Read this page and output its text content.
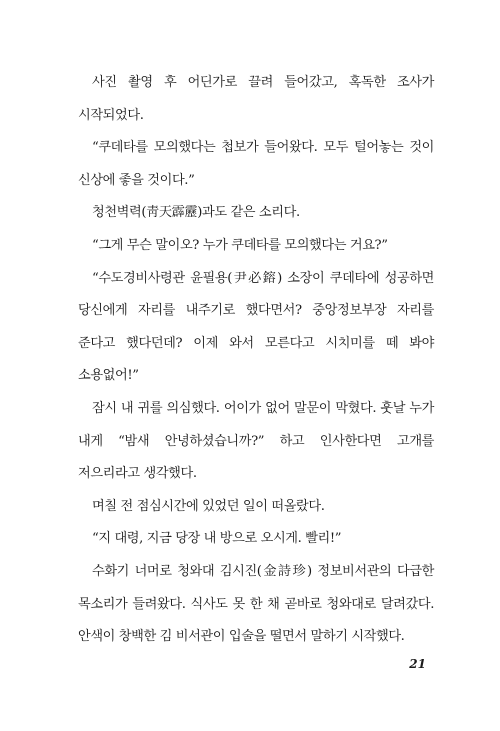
사진 촬영 후 어딘가로 끌려 들어갔고, 혹독한 조사가 시작되었다.

“쿠데타를 모의했다는 첩보가 들어왔다. 모두 털어놓는 것이 신상에 좋을 것이다.”

청천벽력(靑天霹靂)과도 같은 소리다.

“그게 무슨 말이오? 누가 쿠데타를 모의했다는 거요?”

“수도경비사령관 윤필용(尹必鎔) 소장이 쿠데타에 성공하면 당신에게 자리를 내주기로 했다면서? 중앙정보부장 자리를 준다고 했다던데? 이제 와서 모른다고 시치미를 떼 봐야 소용없어!”

잠시 내 귀를 의심했다. 어이가 없어 말문이 막혔다. 훗날 누가 내게 “밤새 안녕하셨습니까?” 하고 인사한다면 고개를 저으리라고 생각했다.

며칠 전 점심시간에 있었던 일이 떠올랐다.

“지 대령, 지금 당장 내 방으로 오시게. 빨리!”

수화기 너머로 청와대 김시진(金詩珍) 정보비서관의 다급한 목소리가 들려왔다. 식사도 못 한 채 곧바로 청와대로 달려갔다. 안색이 창백한 김 비서관이 입술을 떨면서 말하기 시작했다.

21
